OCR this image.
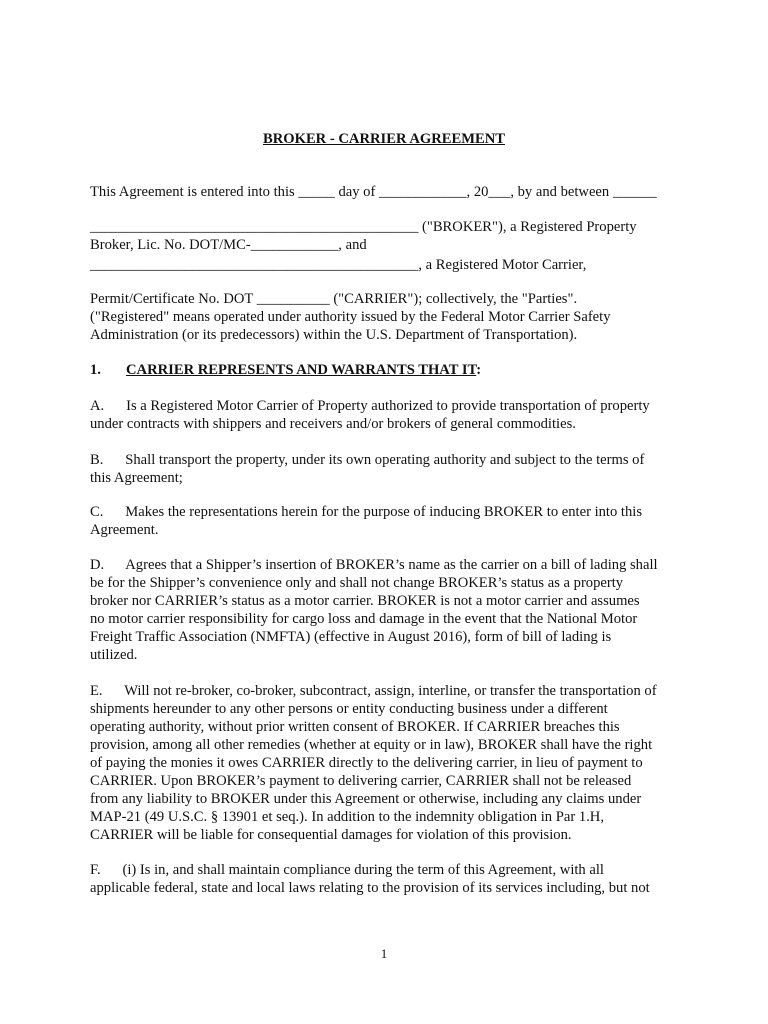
BROKER - CARRIER AGREEMENT
This Agreement is entered into this _____ day of ____________, 20___, by and between ______
_____________________________________________ ("BROKER"), a Registered Property
Broker, Lic. No. DOT/MC-____________, and
_____________________________________________, a Registered Motor Carrier,
Permit/Certificate No. DOT __________ ("CARRIER"); collectively, the "Parties".
("Registered" means operated under authority issued by the Federal Motor Carrier Safety
Administration (or its predecessors) within the U.S. Department of Transportation).
1. CARRIER REPRESENTS AND WARRANTS THAT IT:
A.      Is a Registered Motor Carrier of Property authorized to provide transportation of property
under contracts with shippers and receivers and/or brokers of general commodities.
B.      Shall transport the property, under its own operating authority and subject to the terms of
this Agreement;
C.      Makes the representations herein for the purpose of inducing BROKER to enter into this
Agreement.
D.      Agrees that a Shipper’s insertion of BROKER’s name as the carrier on a bill of lading shall
be for the Shipper’s convenience only and shall not change BROKER’s status as a property
broker nor CARRIER’s status as a motor carrier. BROKER is not a motor carrier and assumes
no motor carrier responsibility for cargo loss and damage in the event that the National Motor
Freight Traffic Association (NMFTA) (effective in August 2016), form of bill of lading is
utilized.
E.      Will not re-broker, co-broker, subcontract, assign, interline, or transfer the transportation of
shipments hereunder to any other persons or entity conducting business under a different
operating authority, without prior written consent of BROKER. If CARRIER breaches this
provision, among all other remedies (whether at equity or in law), BROKER shall have the right
of paying the monies it owes CARRIER directly to the delivering carrier, in lieu of payment to
CARRIER. Upon BROKER’s payment to delivering carrier, CARRIER shall not be released
from any liability to BROKER under this Agreement or otherwise, including any claims under
MAP-21 (49 U.S.C. § 13901 et seq.). In addition to the indemnity obligation in Par 1.H,
CARRIER will be liable for consequential damages for violation of this provision.
F.      (i) Is in, and shall maintain compliance during the term of this Agreement, with all
applicable federal, state and local laws relating to the provision of its services including, but not
1
